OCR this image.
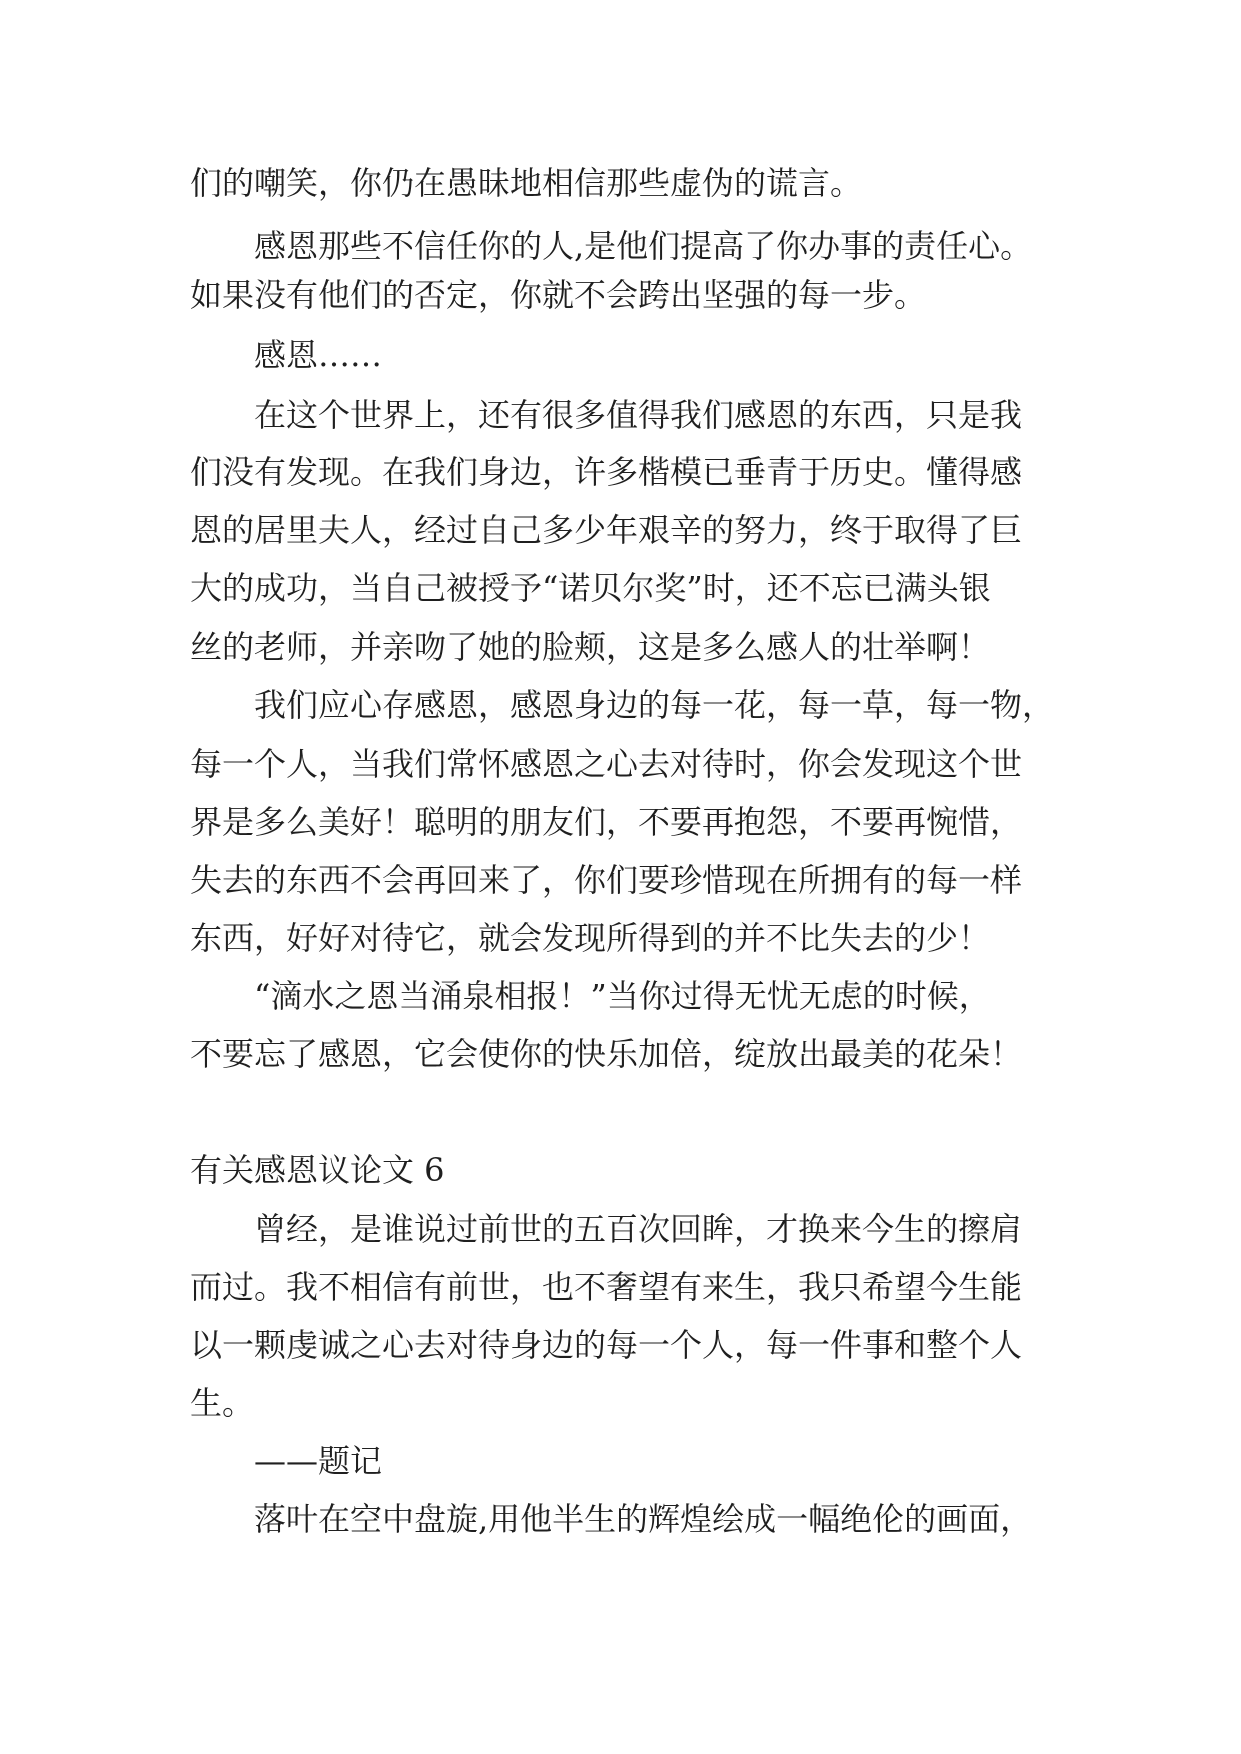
们的嘲笑，你仍在愚昧地相信那些虚伪的谎言。
感恩那些不信任你的人,是他们提高了你办事的责任心。
如果没有他们的否定，你就不会跨出坚强的每一步。
感恩……
在这个世界上，还有很多值得我们感恩的东西，只是我
们没有发现。在我们身边，许多楷模已垂青于历史。懂得感
恩的居里夫人，经过自己多少年艰辛的努力，终于取得了巨
大的成功，当自己被授予“诺贝尔奖”时，还不忘已满头银
丝的老师，并亲吻了她的脸颊，这是多么感人的壮举啊！
我们应心存感恩，感恩身边的每一花，每一草，每一物，
每一个人，当我们常怀感恩之心去对待时，你会发现这个世
界是多么美好！聪明的朋友们，不要再抱怨，不要再惋惜，
失去的东西不会再回来了，你们要珍惜现在所拥有的每一样
东西，好好对待它，就会发现所得到的并不比失去的少！
“滴水之恩当涌泉相报！”当你过得无忧无虑的时候，
不要忘了感恩，它会使你的快乐加倍，绽放出最美的花朵！
有关感恩议论文 6
曾经，是谁说过前世的五百次回眸，才换来今生的擦肩
而过。我不相信有前世，也不奢望有来生，我只希望今生能
以一颗虔诚之心去对待身边的每一个人，每一件事和整个人
生。
——题记
落叶在空中盘旋,用他半生的辉煌绘成一幅绝伦的画面，
